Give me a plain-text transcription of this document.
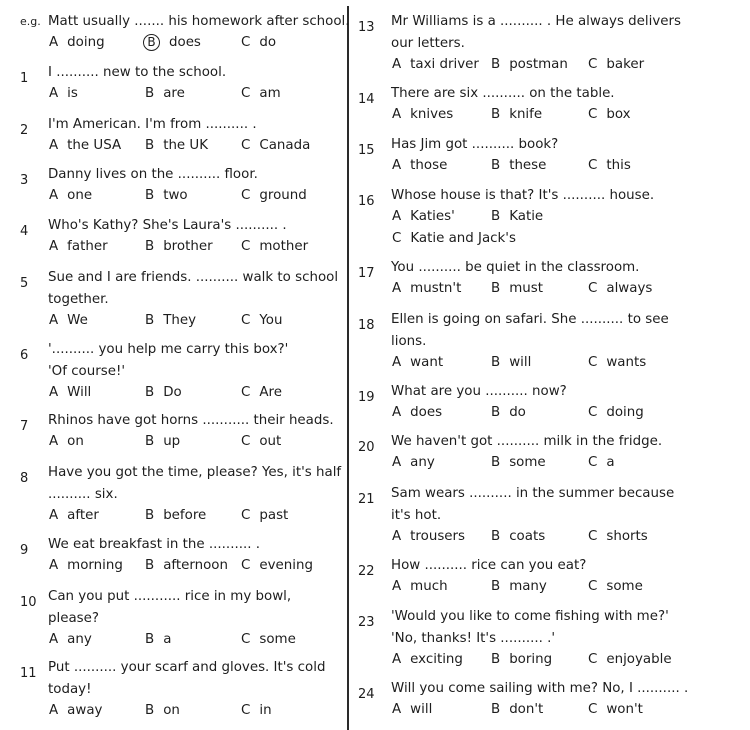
e.g. Matt usually ....... his homework after school.
A doing	B does	C do
1	I .......... new to the school.
A is	B are	C am
2	I'm American. I'm from .......... .
A the USA B the UK C Canada
3	Danny lives on the .......... floor.
A one	B two	C ground
4	Who's Kathy? She's Laura's .......... .
A father	B brother C mother
5	Sue and I are friends. .......... walk to school
together.
A We	B They	C You
6	'.......... you help me carry this box?'
'Of course!'
A Will	B Do	C Are
7	Rhinos have got horns ........... their heads.
A on	B up	C out
8	Have you got the time, please? Yes, it's half
.......... six.
A after	B before	C past
9	We eat breakfast in the .......... .
A morning B afternoon C evening
10 Can you put ........... rice in my bowl,
please?
A any	B a	C some
11 Put .......... your scarf and gloves. It's cold
today!
A away	B on	C in
13	Mr Williams is a .......... . He always delivers
our letters.
A taxi driver B postman C baker
14	There are six .......... on the table.
A knives	B knife	C box
15	Has Jim got .......... book?
A those	B these	C this
16	Whose house is that? It's .......... house.
A Katies'	B Katie
C Katie and Jack's
17	You .......... be quiet in the classroom.
A mustn't B must	C always
18	Ellen is going on safari. She .......... to see
lions.
A want	B will	C wants
19	What are you .......... now?
A does	B do	C doing
20	We haven't got .......... milk in the fridge.
A any	B some	C a
21	Sam wears .......... in the summer because
it's hot.
A trousers B coats	C shorts
22	How .......... rice can you eat?
A much	B many	C some
23	'Would you like to come fishing with me?'
'No, thanks! It's .......... .'
A exciting B boring	C enjoyable
24	Will you come sailing with me? No, I .......... .
A will	B don't	C won't
